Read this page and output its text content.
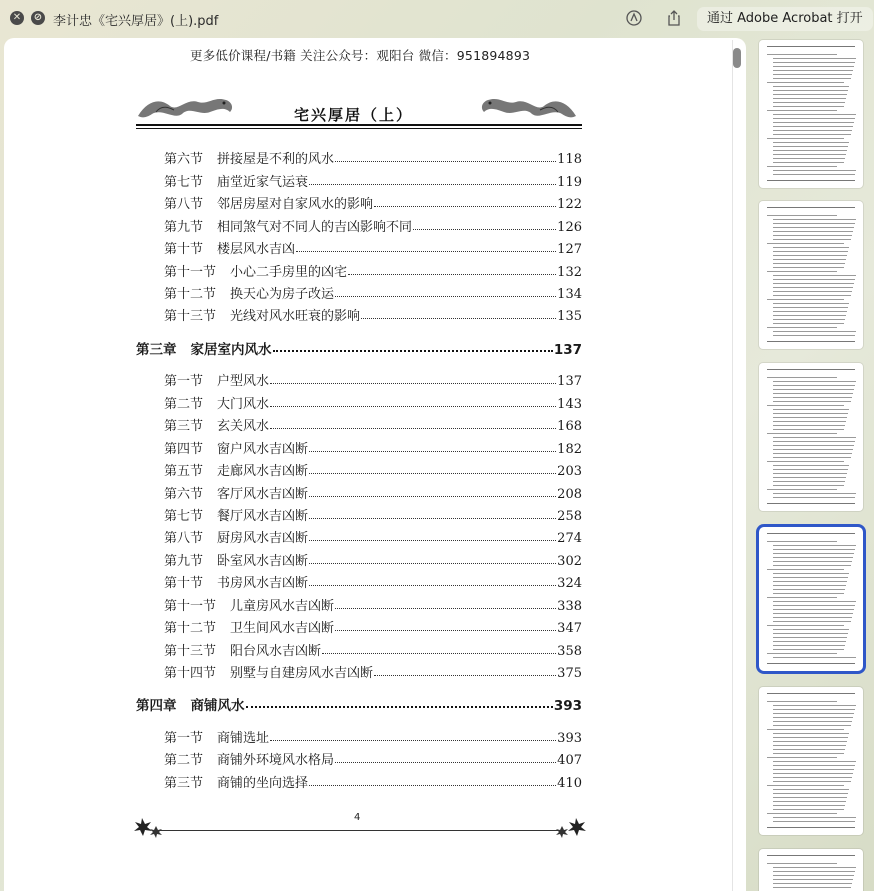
✕ ⊘ 李计忠《宅兴厚居》(上).pdf	通过 Adobe Acrobat 打开
更多低价课程/书籍 关注公众号：观阳台 微信：951894893
宅兴厚居（上）
第六节 拼接屋是不利的风水	118
第七节 庙堂近家气运衰	119
第八节 邻居房屋对自家风水的影响	122
第九节 相同煞气对不同人的吉凶影响不同	126
第十节 楼层风水吉凶	127
第十一节 小心二手房里的凶宅	132
第十二节 换天心为房子改运	134
第十三节 光线对风水旺衰的影响	135
第三章 家居室内风水	137
第一节 户型风水	137
第二节 大门风水	143
第三节 玄关风水	168
第四节 窗户风水吉凶断	182
第五节 走廊风水吉凶断	203
第六节 客厅风水吉凶断	208
第七节 餐厅风水吉凶断	258
第八节 厨房风水吉凶断	274
第九节 卧室风水吉凶断	302
第十节 书房风水吉凶断	324
第十一节 儿童房风水吉凶断	338
第十二节 卫生间风水吉凶断	347
第十三节 阳台风水吉凶断	358
第十四节 别墅与自建房风水吉凶断	375
第四章 商铺风水	393
第一节 商铺选址	393
第二节 商铺外环境风水格局	407
第三节 商铺的坐向选择	410
4
